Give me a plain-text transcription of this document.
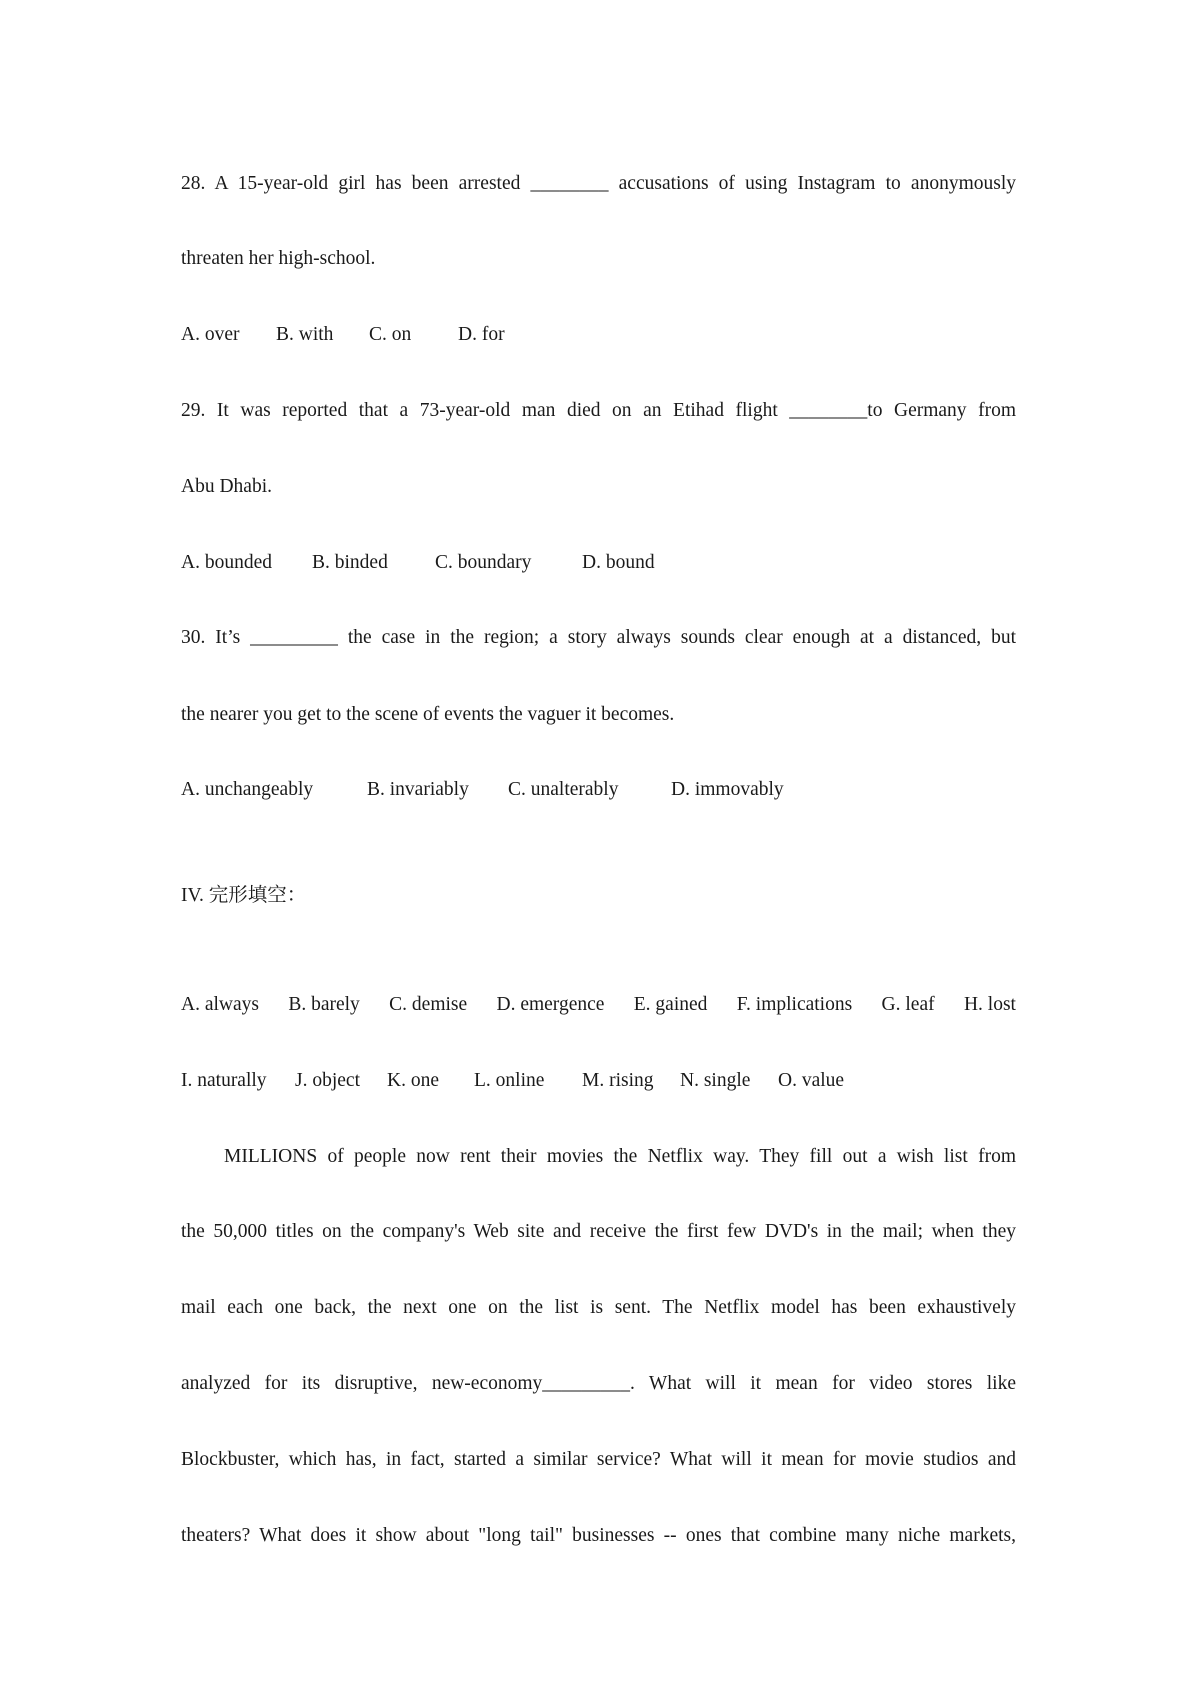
28. A 15-year-old girl has been arrested ________ accusations of using Instagram to anonymously
threaten her high-school.
A. over B. with C. on D. for
29. It was reported that a 73-year-old man died on an Etihad flight ________to Germany from
Abu Dhabi.
A. bounded B. binded C. boundary	D. bound
30. It’s _________ the case in the region; a story always sounds clear enough at a distanced, but
the nearer you get to the scene of events the vaguer it becomes.
A. unchangeably	B. invariably C. unalterably	D. immovably
IV. 完形填空：
A. always B. barely C. demise D. emergence E. gained F. implications G. leaf H. lost
I. naturally J. object K. one L. online M. rising N. single O. value
MILLIONS of people now rent their movies the Netflix way. They fill out a wish list from
the 50,000 titles on the company's Web site and receive the first few DVD's in the mail; when they
mail each one back, the next one on the list is sent. The Netflix model has been exhaustively
analyzed for its disruptive, new-economy_________. What will it mean for video stores like
Blockbuster, which has, in fact, started a similar service? What will it mean for movie studios and
theaters? What does it show about "long tail" businesses -- ones that combine many niche markets,
